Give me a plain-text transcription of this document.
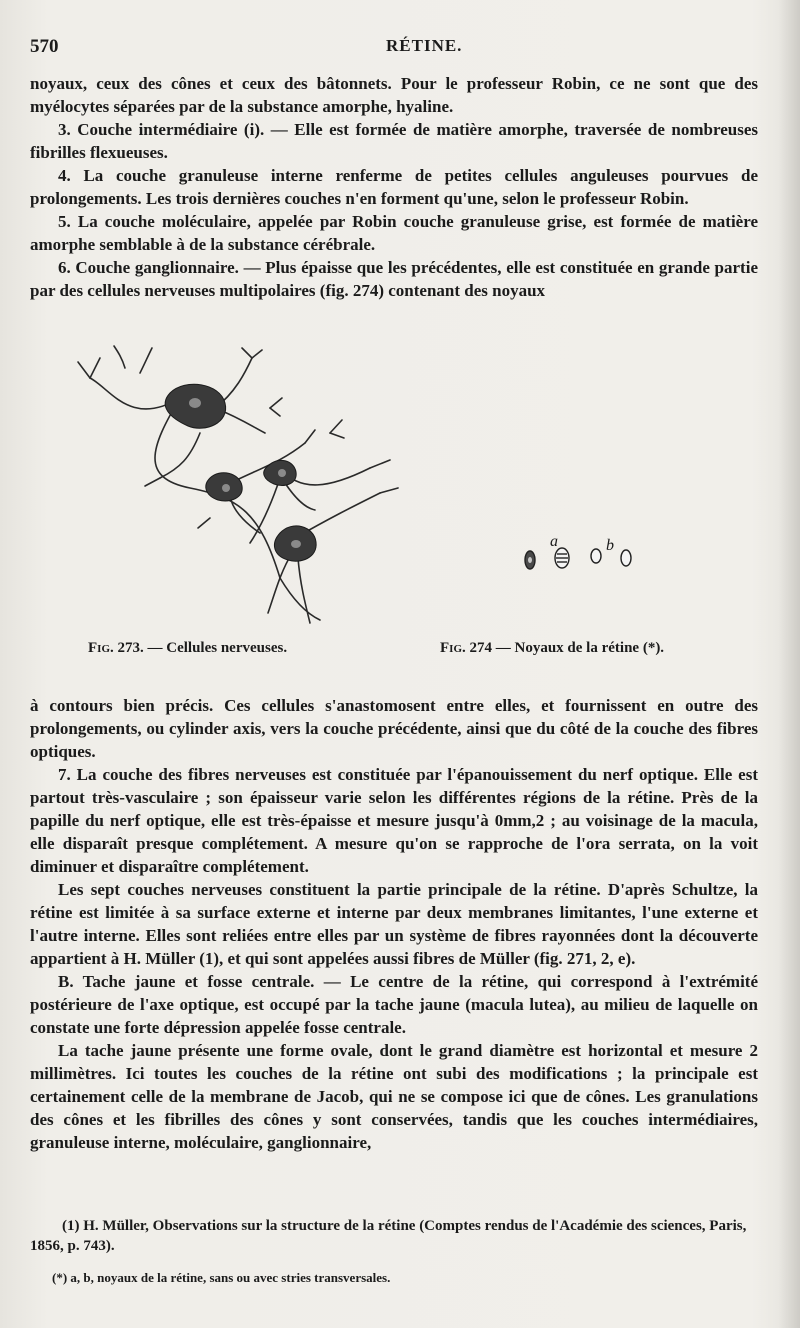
570	RÉTINE.

noyaux, ceux des cônes et ceux des bâtonnets. Pour le professeur Robin, ce ne sont que des myélocytes séparées par de la substance amorphe, hyaline.

3. Couche intermédiaire (i). — Elle est formée de matière amorphe, traversée de nombreuses fibrilles flexueuses.

4. La couche granuleuse interne renferme de petites cellules anguleuses pourvues de prolongements. Les trois dernières couches n'en forment qu'une, selon le professeur Robin.

5. La couche moléculaire, appelée par Robin couche granuleuse grise, est formée de matière amorphe semblable à de la substance cérébrale.

6. Couche ganglionnaire. — Plus épaisse que les précédentes, elle est constituée en grande partie par des cellules nerveuses multipolaires (fig. 274) contenant des noyaux

a	b
Fig. 273. — Cellules nerveuses.	Fig. 274 — Noyaux de la rétine (*).

à contours bien précis. Ces cellules s'anastomosent entre elles, et fournissent en outre des prolongements, ou cylinder axis, vers la couche précédente, ainsi que du côté de la couche des fibres optiques.

7. La couche des fibres nerveuses est constituée par l'épanouissement du nerf optique. Elle est partout très-vasculaire ; son épaisseur varie selon les différentes régions de la rétine. Près de la papille du nerf optique, elle est très-épaisse et mesure jusqu'à 0mm,2 ; au voisinage de la macula, elle disparaît presque complétement. A mesure qu'on se rapproche de l'ora serrata, on la voit diminuer et disparaître complétement.

Les sept couches nerveuses constituent la partie principale de la rétine. D'après Schultze, la rétine est limitée à sa surface externe et interne par deux membranes limitantes, l'une externe et l'autre interne. Elles sont reliées entre elles par un système de fibres rayonnées dont la découverte appartient à H. Müller (1), et qui sont appelées aussi fibres de Müller (fig. 271, 2, e).

B. Tache jaune et fosse centrale. — Le centre de la rétine, qui correspond à l'extrémité postérieure de l'axe optique, est occupé par la tache jaune (macula lutea), au milieu de laquelle on constate une forte dépression appelée fosse centrale.

La tache jaune présente une forme ovale, dont le grand diamètre est horizontal et mesure 2 millimètres. Ici toutes les couches de la rétine ont subi des modifications ; la principale est certainement celle de la membrane de Jacob, qui ne se compose ici que de cônes. Les granulations des cônes et les fibrilles des cônes y sont conservées, tandis que les couches intermédiaires, granuleuse interne, moléculaire, ganglionnaire,

(1) H. Müller, Observations sur la structure de la rétine (Comptes rendus de l'Académie des sciences, Paris, 1856, p. 743).

(*) a, b, noyaux de la rétine, sans ou avec stries transversales.
